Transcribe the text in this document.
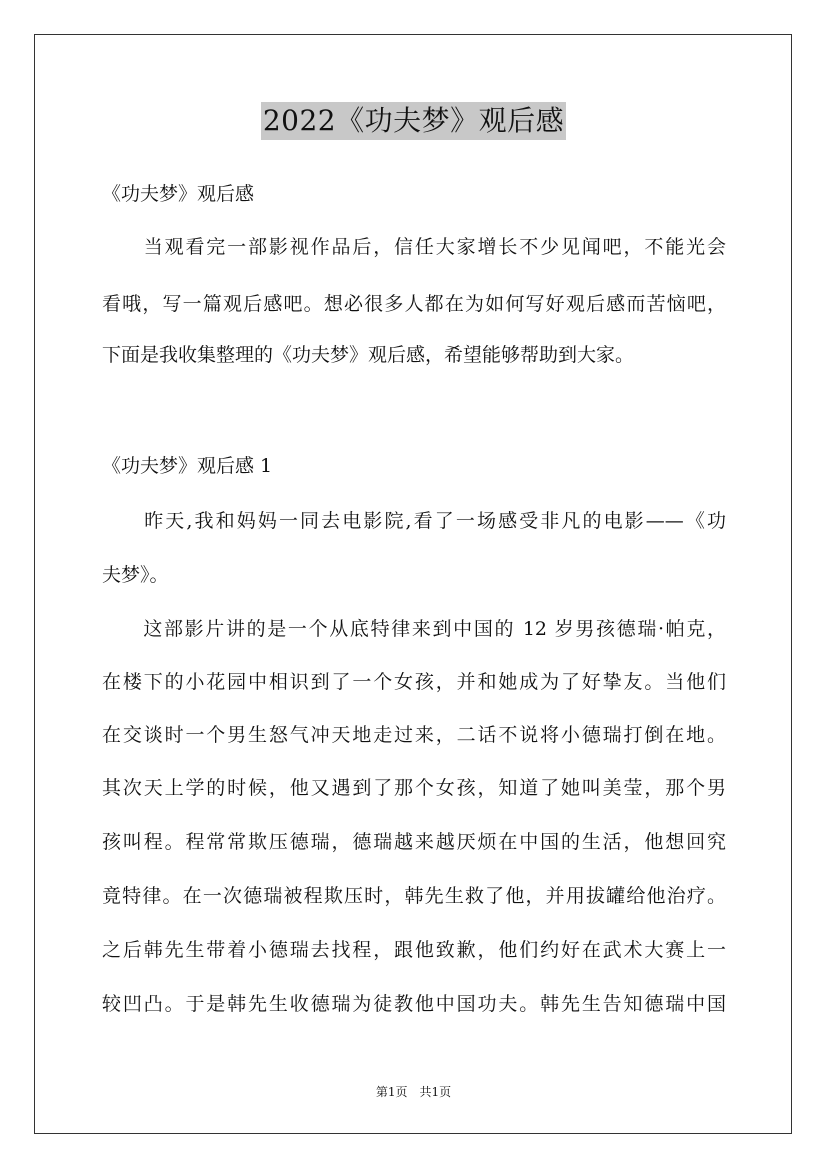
2022《功夫梦》观后感

《功夫梦》观后感

　　当观看完一部影视作品后，信任大家增长不少见闻吧，不能光会

看哦，写一篇观后感吧。想必很多人都在为如何写好观后感而苦恼吧，

下面是我收集整理的《功夫梦》观后感，希望能够帮助到大家。

《功夫梦》观后感 1

　　昨天,我和妈妈一同去电影院,看了一场感受非凡的电影——《功

夫梦》。

　　这部影片讲的是一个从底特律来到中国的 12 岁男孩德瑞·帕克，

在楼下的小花园中相识到了一个女孩，并和她成为了好挚友。当他们

在交谈时一个男生怒气冲天地走过来，二话不说将小德瑞打倒在地。

其次天上学的时候，他又遇到了那个女孩，知道了她叫美莹，那个男

孩叫程。程常常欺压德瑞，德瑞越来越厌烦在中国的生活，他想回究

竟特律。在一次德瑞被程欺压时，韩先生救了他，并用拔罐给他治疗。

之后韩先生带着小德瑞去找程，跟他致歉，他们约好在武术大赛上一

较凹凸。于是韩先生收德瑞为徒教他中国功夫。韩先生告知德瑞中国

第1页　共1页
